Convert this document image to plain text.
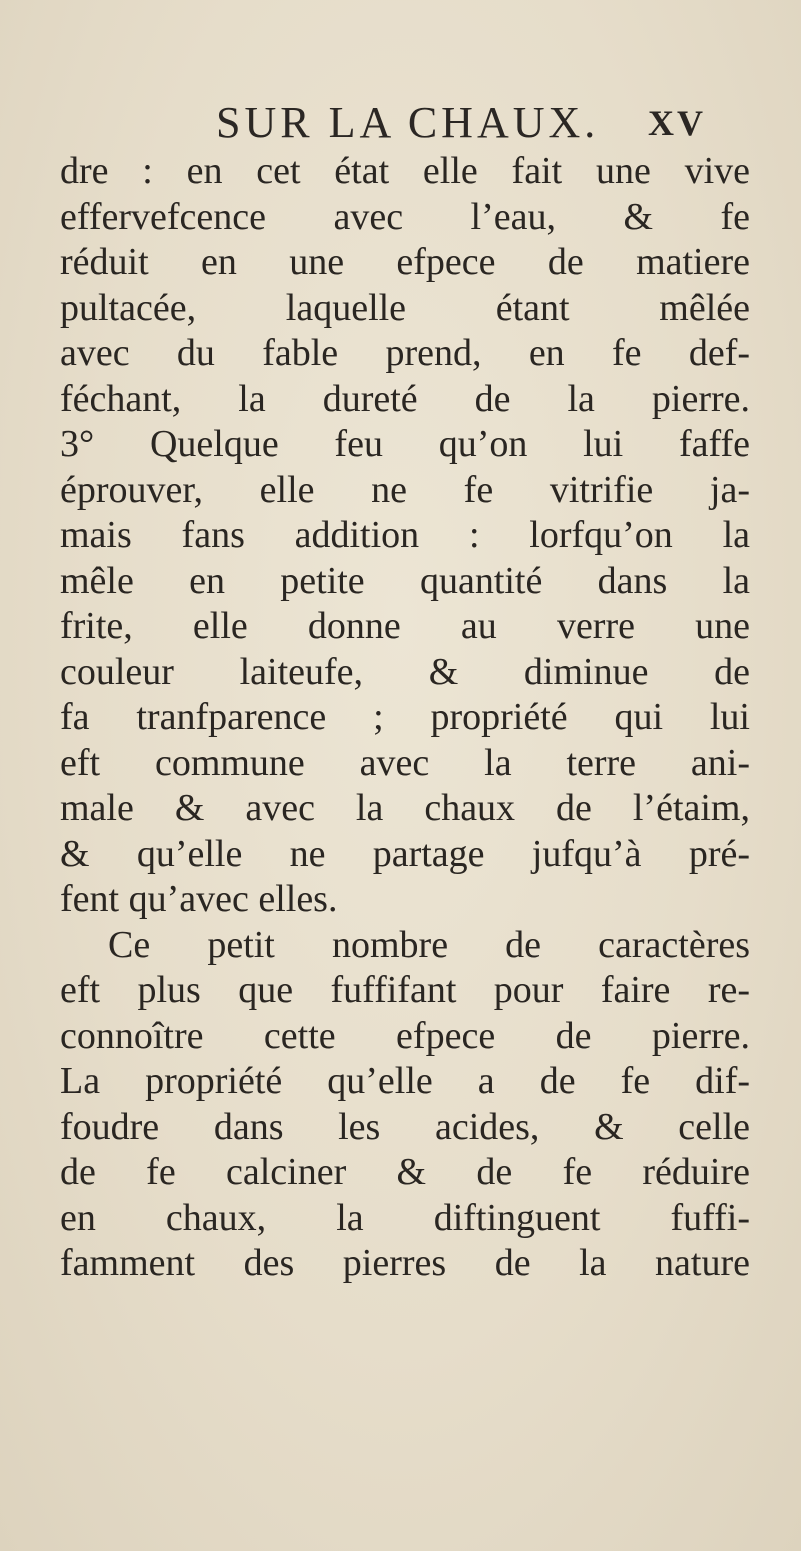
SUR LA CHAUX. XV
dre : en cet état elle fait une vive
effervefcence avec l’eau, & fe
réduit en une efpece de matiere
pultacée, laquelle étant mêlée
avec du fable prend, en fe def-
féchant, la dureté de la pierre.
3° Quelque feu qu’on lui faffe
éprouver, elle ne fe vitrifie ja-
mais fans addition : lorfqu’on la
mêle en petite quantité dans la
frite, elle donne au verre une
couleur laiteufe, & diminue de
fa tranfparence ; propriété qui lui
eft commune avec la terre ani-
male & avec la chaux de l’étaim,
& qu’elle ne partage jufqu’à pré-
fent qu’avec elles.
Ce petit nombre de caractères
eft plus que fuffifant pour faire re-
connoître cette efpece de pierre.
La propriété qu’elle a de fe dif-
foudre dans les acides, & celle
de fe calciner & de fe réduire
en chaux, la diftinguent fuffi-
famment des pierres de la nature
